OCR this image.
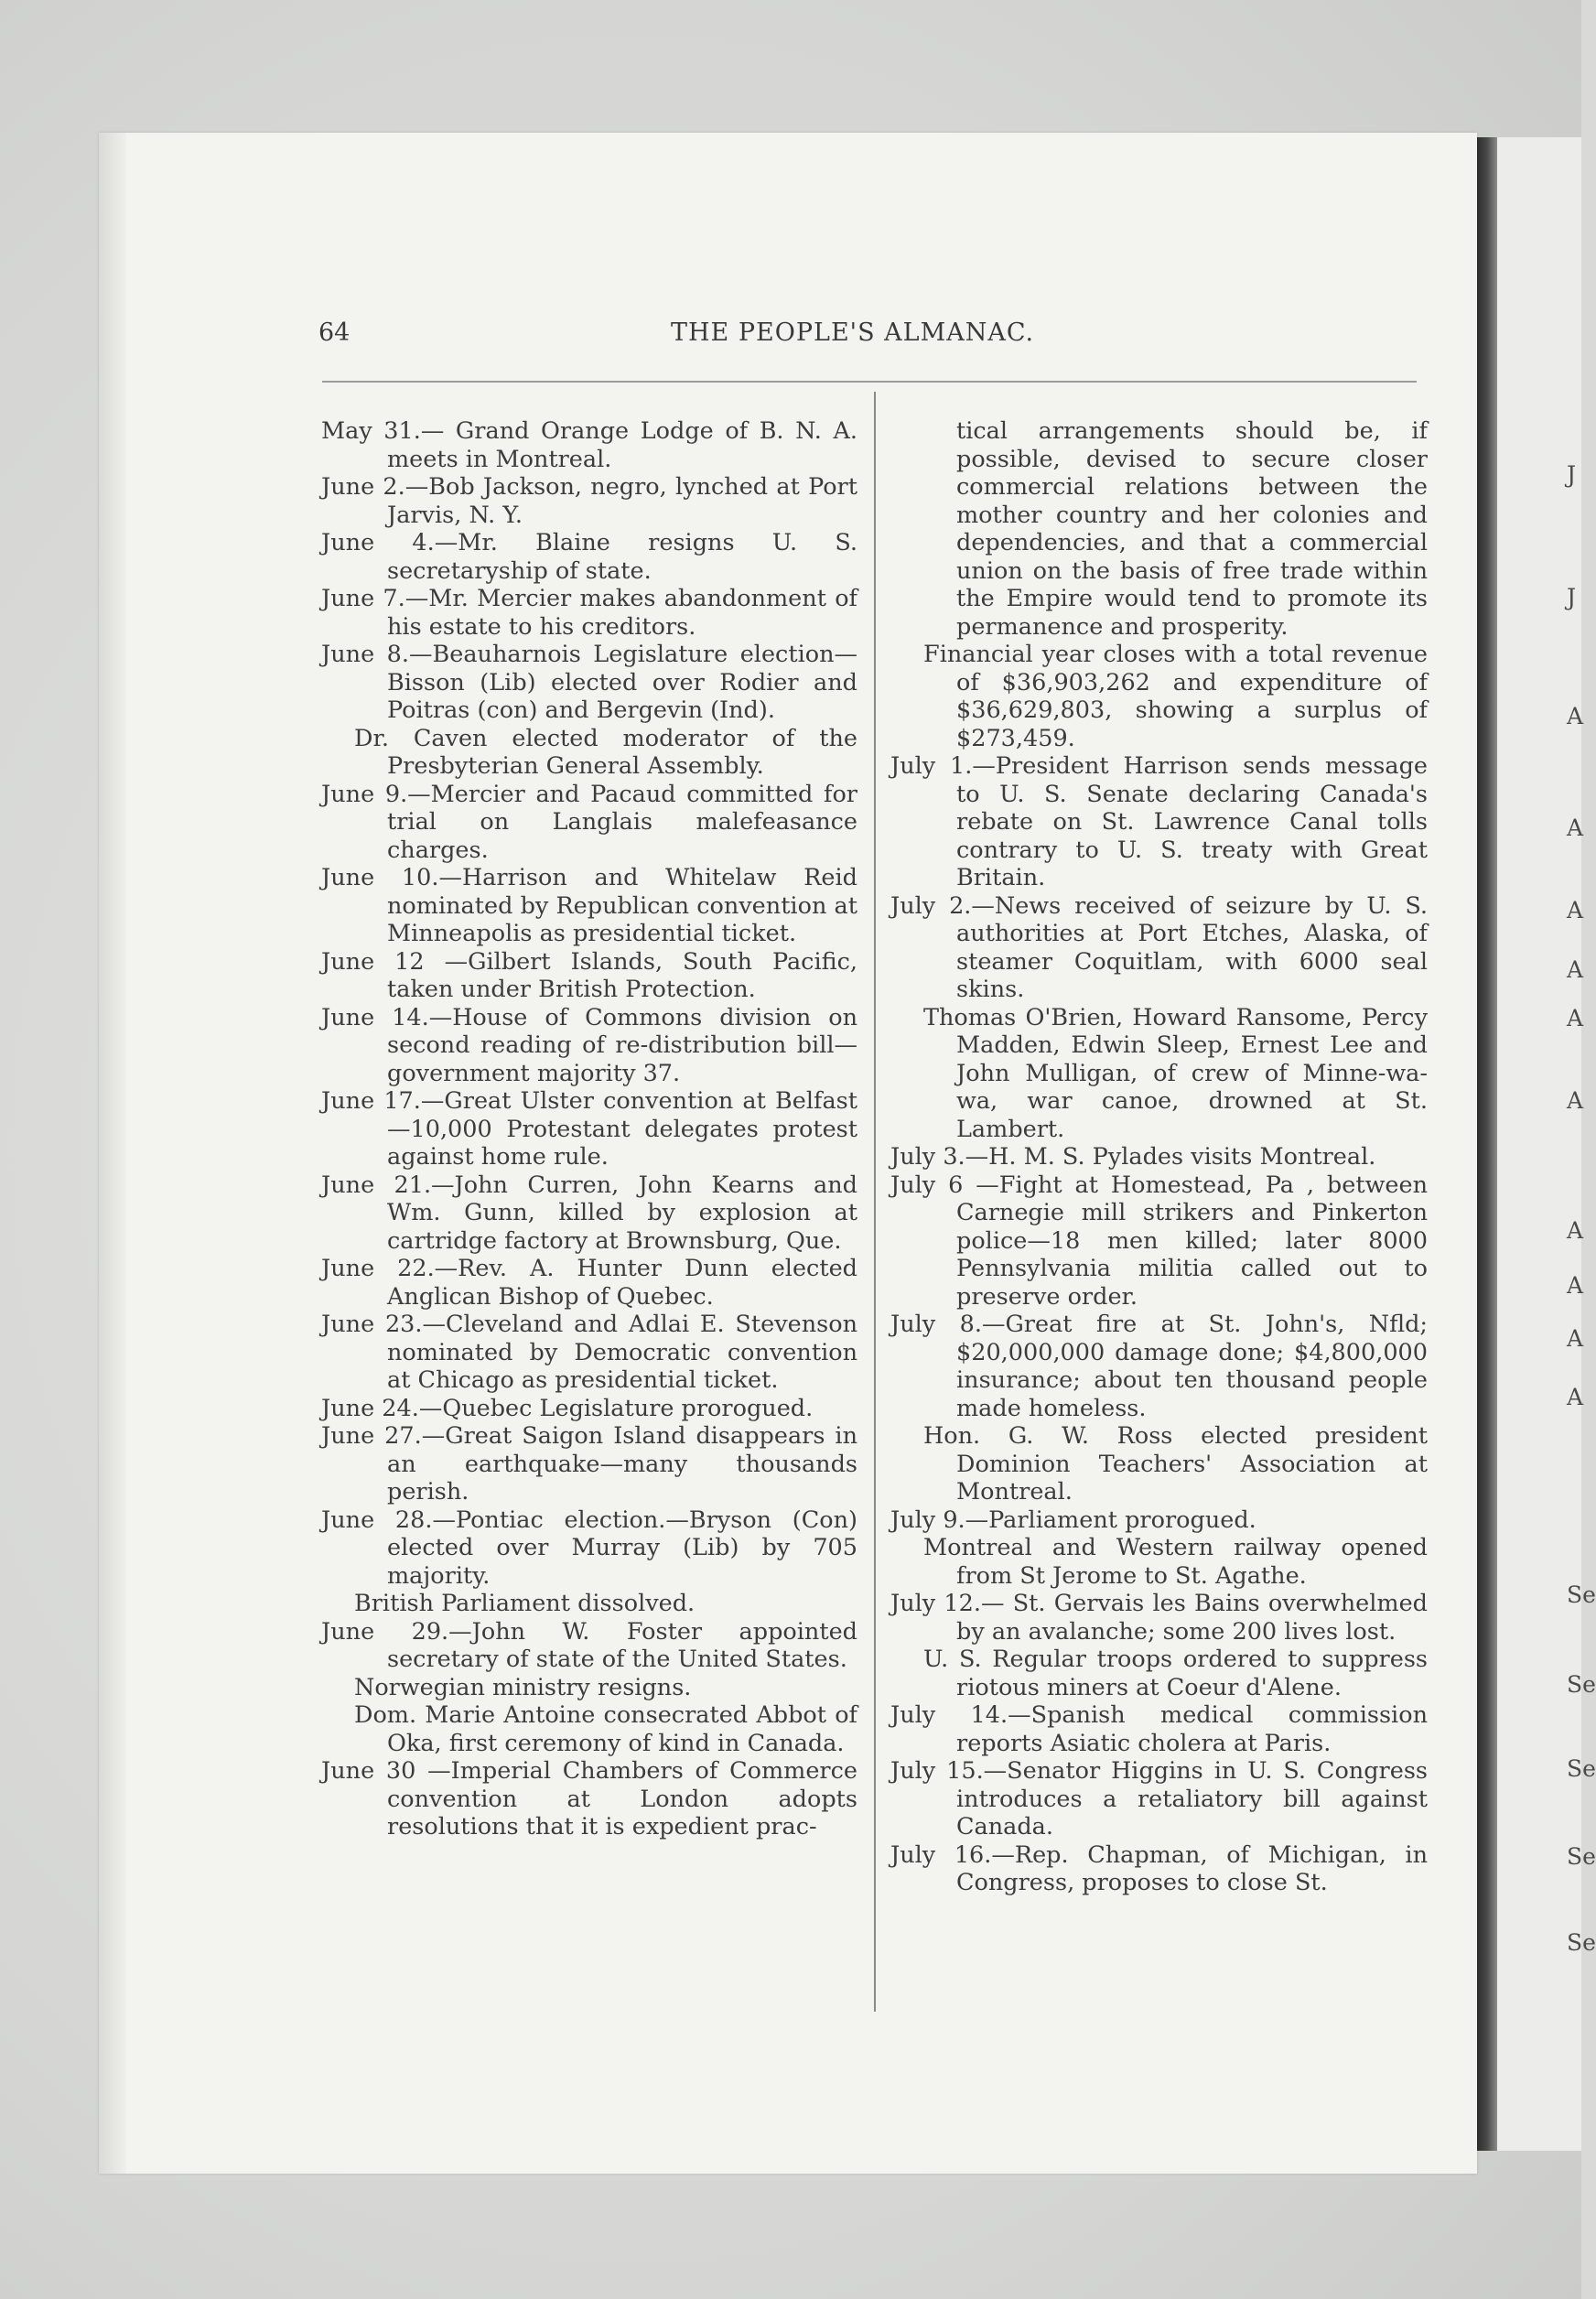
J
J
A
A
A
A
A
A
A
A
A
A
Se
Se
Se
Se
Se
64	THE PEOPLE'S ALMANAC.

May 31.— Grand Orange Lodge of B. N. A. meets in Montreal.

June 2.—Bob Jackson, negro, lynched at Port Jarvis, N. Y.

June 4.—Mr. Blaine resigns U. S. secretaryship of state.

June 7.—Mr. Mercier makes abandonment of his estate to his creditors.

June 8.—Beauharnois Legislature election—Bisson (Lib) elected over Rodier and Poitras (con) and Bergevin (Ind).

Dr. Caven elected moderator of the Presbyterian General Assembly.

June 9.—Mercier and Pacaud committed for trial on Langlais malefeasance charges.

June 10.—Harrison and Whitelaw Reid nominated by Republican convention at Minneapolis as presidential ticket.

June 12 —Gilbert Islands, South Pacific, taken under British Protection.

June 14.—House of Commons division on second reading of re-distribution bill—government majority 37.

June 17.—Great Ulster convention at Belfast—10,000 Protestant delegates protest against home rule.

June 21.—John Curren, John Kearns and Wm. Gunn, killed by explosion at cartridge factory at Brownsburg, Que.

June 22.—Rev. A. Hunter Dunn elected Anglican Bishop of Quebec.

June 23.—Cleveland and Adlai E. Stevenson nominated by Democratic convention at Chicago as presidential ticket.

June 24.—Quebec Legislature prorogued.

June 27.—Great Saigon Island disappears in an earthquake—many thousands perish.

June 28.—Pontiac election.—Bryson (Con) elected over Murray (Lib) by 705 majority.

British Parliament dissolved.

June 29.—John W. Foster appointed secretary of state of the United States.

Norwegian ministry resigns.

Dom. Marie Antoine consecrated Abbot of Oka, first ceremony of kind in Canada.

June 30 —Imperial Chambers of Commerce convention at London adopts resolutions that it is expedient prac-

tical arrangements should be, if possible, devised to secure closer commercial relations between the mother country and her colonies and dependencies, and that a commercial union on the basis of free trade within the Empire would tend to promote its permanence and prosperity.

Financial year closes with a total revenue of $36,903,262 and expenditure of $36,629,803, showing a surplus of $273,459.

July 1.—President Harrison sends message to U. S. Senate declaring Canada's rebate on St. Lawrence Canal tolls contrary to U. S. treaty with Great Britain.

July 2.—News received of seizure by U. S. authorities at Port Etches, Alaska, of steamer Coquitlam, with 6000 seal skins.

Thomas O'Brien, Howard Ransome, Percy Madden, Edwin Sleep, Ernest Lee and John Mulligan, of crew of Minne-wa-wa, war canoe, drowned at St. Lambert.

July 3.—H. M. S. Pylades visits Montreal.

July 6 —Fight at Homestead, Pa , between Carnegie mill strikers and Pinkerton police—18 men killed; later 8000 Pennsylvania militia called out to preserve order.

July 8.—Great fire at St. John's, Nfld; $20,000,000 damage done; $4,800,000 insurance; about ten thousand people made homeless.

Hon. G. W. Ross elected president Dominion Teachers' Association at Montreal.

July 9.—Parliament prorogued.

Montreal and Western railway opened from St Jerome to St. Agathe.

July 12.— St. Gervais les Bains overwhelmed by an avalanche; some 200 lives lost.

U. S. Regular troops ordered to suppress riotous miners at Coeur d'Alene.

July 14.—Spanish medical commission reports Asiatic cholera at Paris.

July 15.—Senator Higgins in U. S. Congress introduces a retaliatory bill against Canada.

July 16.—Rep. Chapman, of Michigan, in Congress, proposes to close St.
